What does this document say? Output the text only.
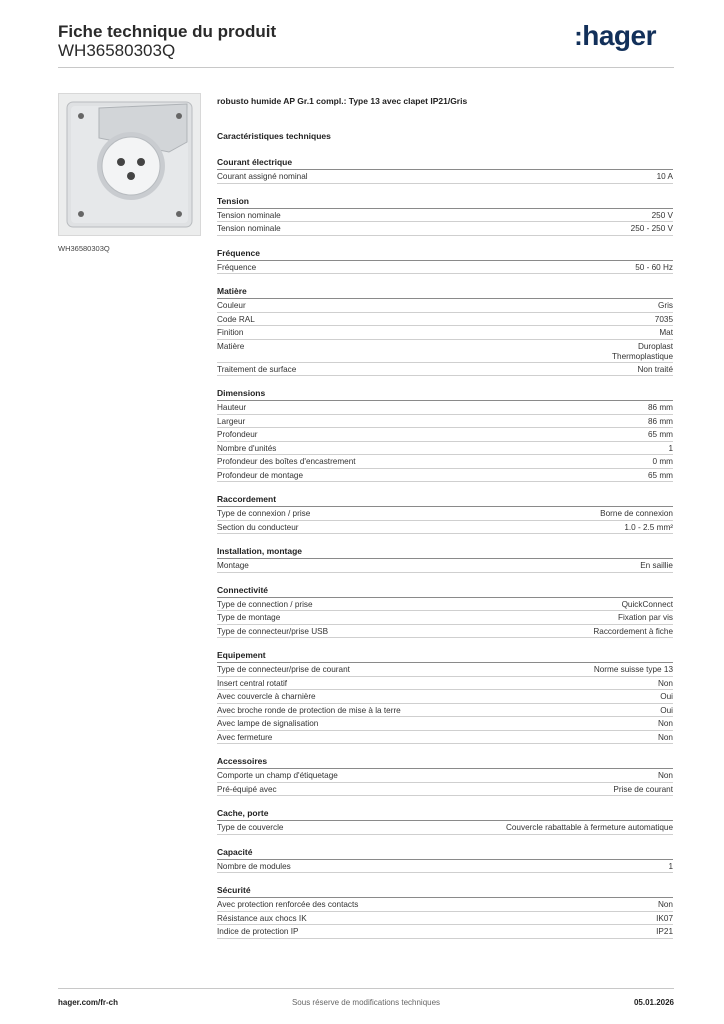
Fiche technique du produit
WH36580303Q	:hager
WH36580303Q
robusto humide AP Gr.1 compl.: Type 13 avec clapet IP21/Gris
Caractéristiques techniques
Courant électrique
Courant assigné nominal	10 A
Tension
Tension nominale	250 V
Tension nominale	250 - 250 V
Fréquence
Fréquence	50 - 60 Hz
Matière
Couleur	Gris
Code RAL	7035
Finition	Mat
Matière	Duroplast
Thermoplastique
Traitement de surface	Non traité
Dimensions
Hauteur	86 mm
Largeur	86 mm
Profondeur	65 mm
Nombre d'unités	1
Profondeur des boîtes d'encastrement	0 mm
Profondeur de montage	65 mm
Raccordement
Type de connexion / prise	Borne de connexion
Section du conducteur	1.0 - 2.5 mm²
Installation, montage
Montage	En saillie
Connectivité
Type de connection / prise	QuickConnect
Type de montage	Fixation par vis
Type de connecteur/prise USB	Raccordement à fiche
Equipement
Type de connecteur/prise de courant	Norme suisse type 13
Insert central rotatif	Non
Avec couvercle à charnière	Oui
Avec broche ronde de protection de mise à la terre	Oui
Avec lampe de signalisation	Non
Avec fermeture	Non
Accessoires
Comporte un champ d'étiquetage	Non
Pré-équipé avec	Prise de courant
Cache, porte
Type de couvercle	Couvercle rabattable à fermeture automatique
Capacité
Nombre de modules	1
Sécurité
Avec protection renforcée des contacts	Non
Résistance aux chocs IK	IK07
Indice de protection IP	IP21
hager.com/fr-ch	Sous réserve de modifications techniques	05.01.2026
